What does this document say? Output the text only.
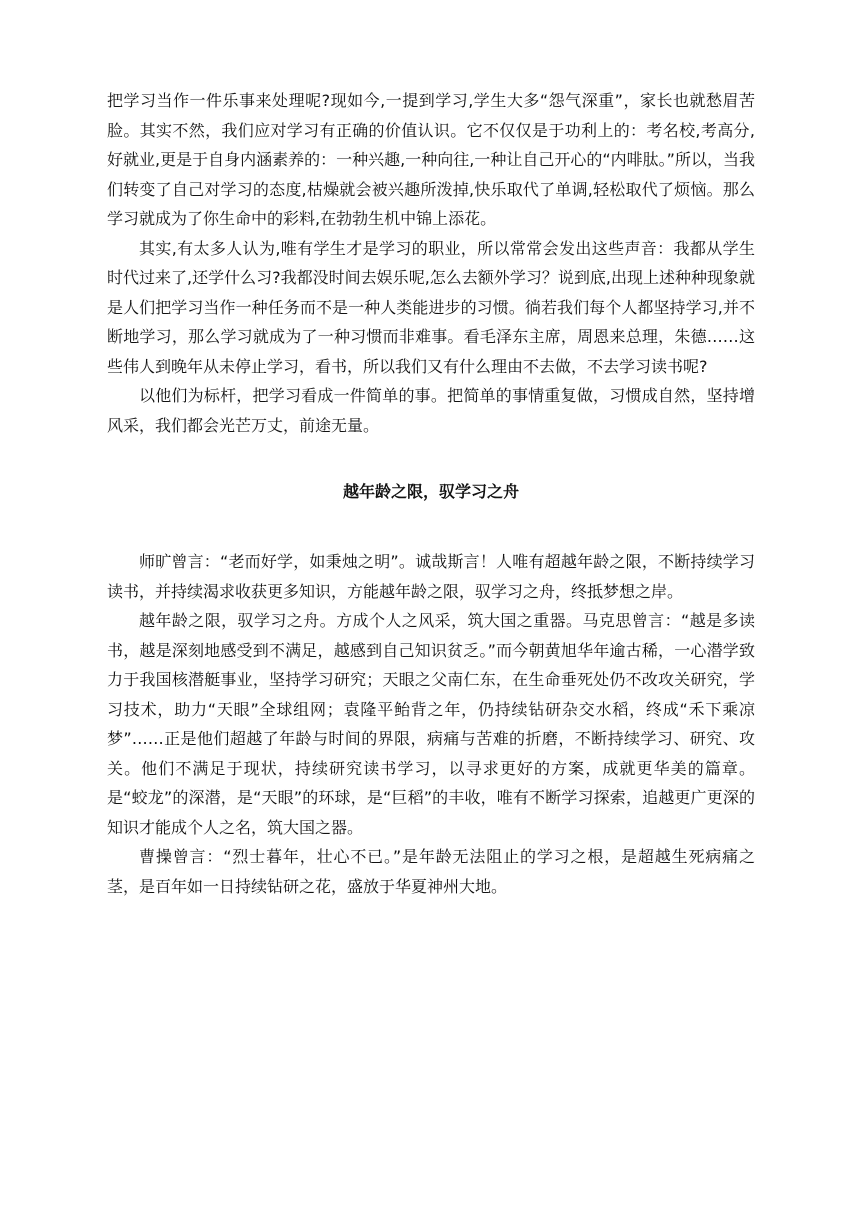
把学习当作一件乐事来处理呢?现如今,一提到学习,学生大多“怨气深重”，家长也就愁眉苦脸。其实不然，我们应对学习有正确的价值认识。它不仅仅是于功利上的：考名校,考高分,好就业,更是于自身内涵素养的：一种兴趣,一种向往,一种让自己开心的“内啡肽。”所以，当我们转变了自己对学习的态度,枯燥就会被兴趣所泼掉,快乐取代了单调,轻松取代了烦恼。那么学习就成为了你生命中的彩料,在勃勃生机中锦上添花。

其实,有太多人认为,唯有学生才是学习的职业，所以常常会发出这些声音：我都从学生时代过来了,还学什么习?我都没时间去娱乐呢,怎么去额外学习？说到底,出现上述种种现象就是人们把学习当作一种任务而不是一种人类能进步的习惯。徜若我们每个人都坚持学习,并不断地学习，那么学习就成为了一种习惯而非难事。看毛泽东主席，周恩来总理，朱德……这些伟人到晚年从未停止学习，看书，所以我们又有什么理由不去做，不去学习读书呢?

以他们为标杆，把学习看成一件简单的事。把简单的事情重复做，习惯成自然，坚持增风采，我们都会光芒万丈，前途无量。

越年龄之限，驭学习之舟

师旷曾言：“老而好学，如秉烛之明”。诚哉斯言！人唯有超越年龄之限，不断持续学习读书，并持续渴求收获更多知识，方能越年龄之限，驭学习之舟，终抵梦想之岸。

越年龄之限，驭学习之舟。方成个人之风采，筑大国之重器。马克思曾言：“越是多读书，越是深刻地感受到不满足，越感到自己知识贫乏。”而今朝黄旭华年逾古稀，一心潜学致力于我国核潜艇事业，坚持学习研究；天眼之父南仁东，在生命垂死处仍不改攻关研究，学习技术，助力“天眼”全球组网；袁隆平鲐背之年，仍持续钻研杂交水稻，终成“禾下乘凉梦”……正是他们超越了年龄与时间的界限，病痛与苦难的折磨，不断持续学习、研究、攻关。他们不满足于现状，持续研究读书学习，以寻求更好的方案，成就更华美的篇章。是“蛟龙”的深潜，是“天眼”的环球，是“巨稻”的丰收，唯有不断学习探索，追越更广更深的知识才能成个人之名，筑大国之器。

曹操曾言：“烈士暮年，壮心不已。”是年龄无法阻止的学习之根，是超越生死病痛之茎，是百年如一日持续钻研之花，盛放于华夏神州大地。
